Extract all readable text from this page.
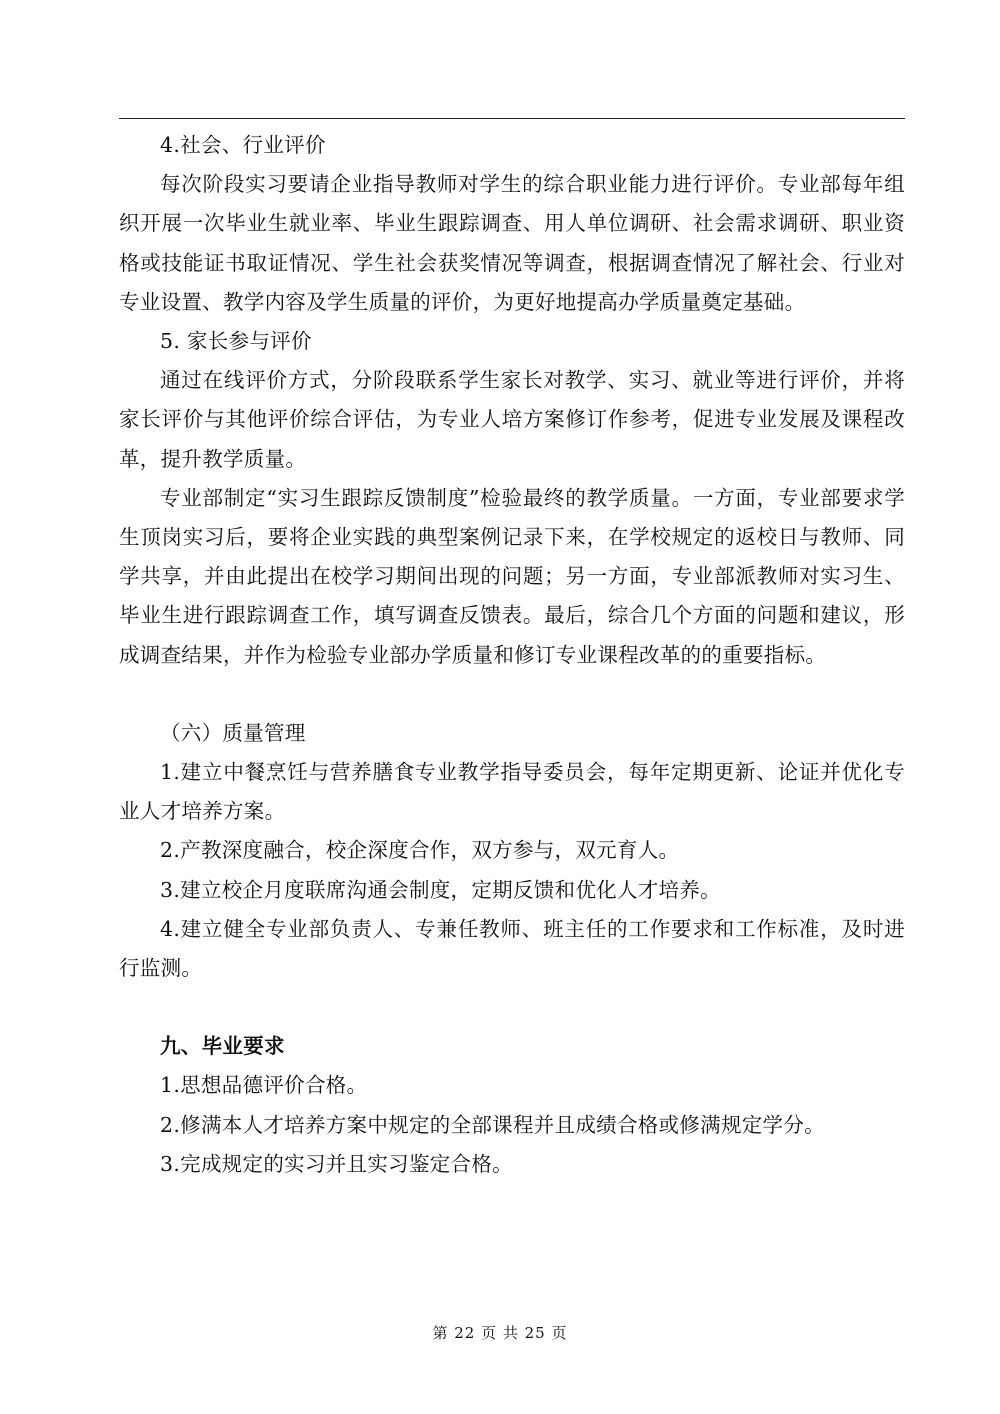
4.社会、行业评价

每次阶段实习要请企业指导教师对学生的综合职业能力进行评价。专业部每年组织开展一次毕业生就业率、毕业生跟踪调查、用人单位调研、社会需求调研、职业资格或技能证书取证情况、学生社会获奖情况等调查，根据调查情况了解社会、行业对专业设置、教学内容及学生质量的评价，为更好地提高办学质量奠定基础。

5. 家长参与评价

通过在线评价方式，分阶段联系学生家长对教学、实习、就业等进行评价，并将家长评价与其他评价综合评估，为专业人培方案修订作参考，促进专业发展及课程改革，提升教学质量。

专业部制定“实习生跟踪反馈制度”检验最终的教学质量。一方面，专业部要求学生顶岗实习后，要将企业实践的典型案例记录下来，在学校规定的返校日与教师、同学共享，并由此提出在校学习期间出现的问题；另一方面，专业部派教师对实习生、毕业生进行跟踪调查工作，填写调查反馈表。最后，综合几个方面的问题和建议，形成调查结果，并作为检验专业部办学质量和修订专业课程改革的的重要指标。

（六）质量管理

1.建立中餐烹饪与营养膳食专业教学指导委员会，每年定期更新、论证并优化专业人才培养方案。

2.产教深度融合，校企深度合作，双方参与，双元育人。

3.建立校企月度联席沟通会制度，定期反馈和优化人才培养。

4.建立健全专业部负责人、专兼任教师、班主任的工作要求和工作标准，及时进行监测。

九、毕业要求

1.思想品德评价合格。

2.修满本人才培养方案中规定的全部课程并且成绩合格或修满规定学分。

3.完成规定的实习并且实习鉴定合格。

第 22 页 共 25 页
